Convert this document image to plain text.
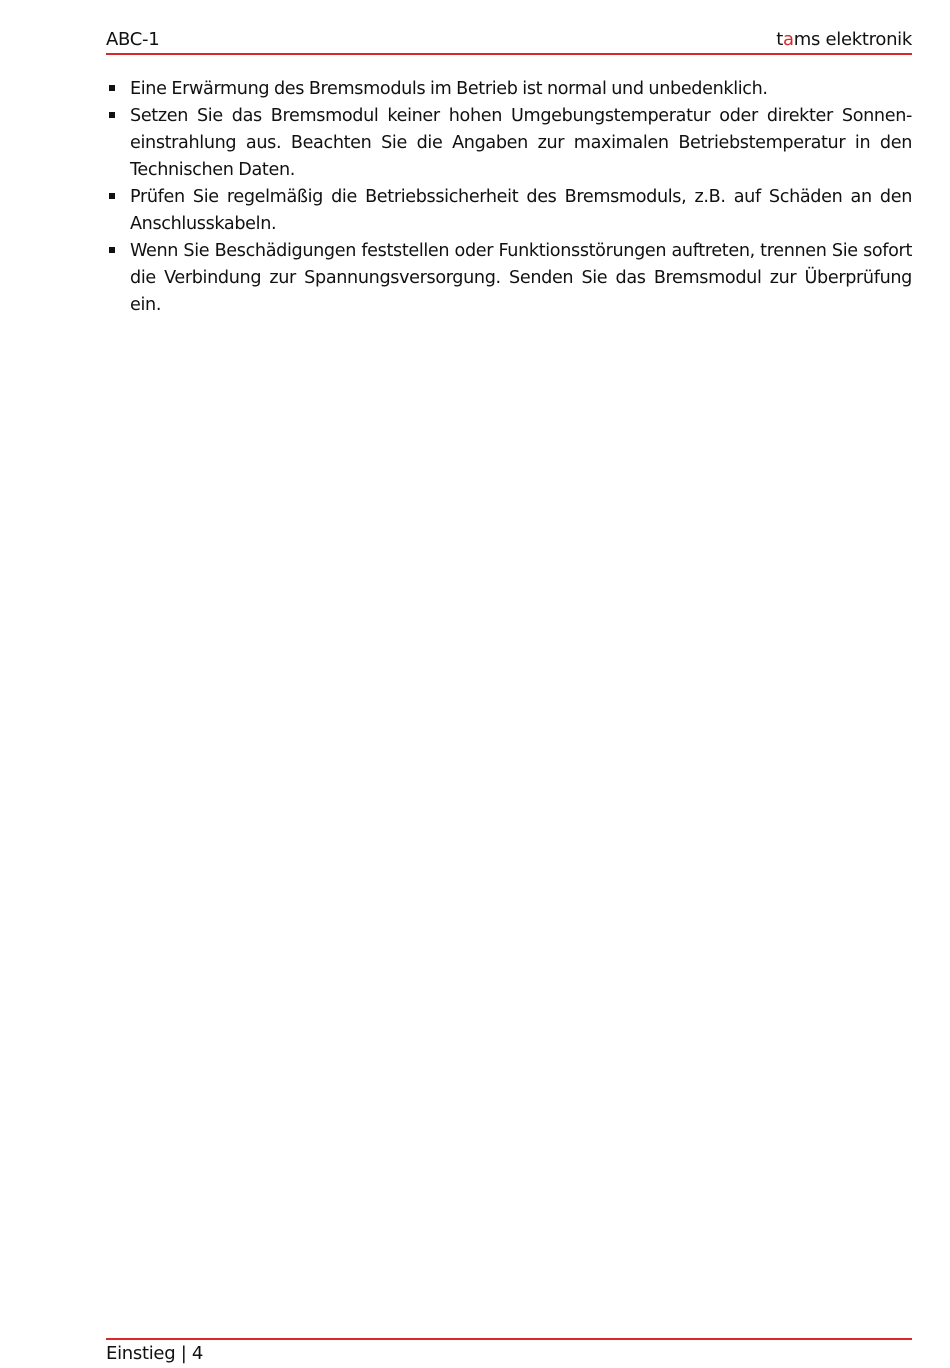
ABC-1	tams elektronik
Eine Erwärmung des Bremsmoduls im Betrieb ist normal und unbedenklich.
Setzen Sie das Bremsmodul keiner hohen Umgebungstemperatur oder direkter Sonnen-einstrahlung aus. Beachten Sie die Angaben zur maximalen Betriebstemperatur in den Technischen Daten.
Prüfen Sie regelmäßig die Betriebssicherheit des Bremsmoduls, z.B. auf Schäden an den Anschlusskabeln.
Wenn Sie Beschädigungen feststellen oder Funktionsstörungen auftreten, trennen Sie sofort die Verbindung zur Spannungsversorgung. Senden Sie das Bremsmodul zur Überprüfung ein.
Einstieg | 4
